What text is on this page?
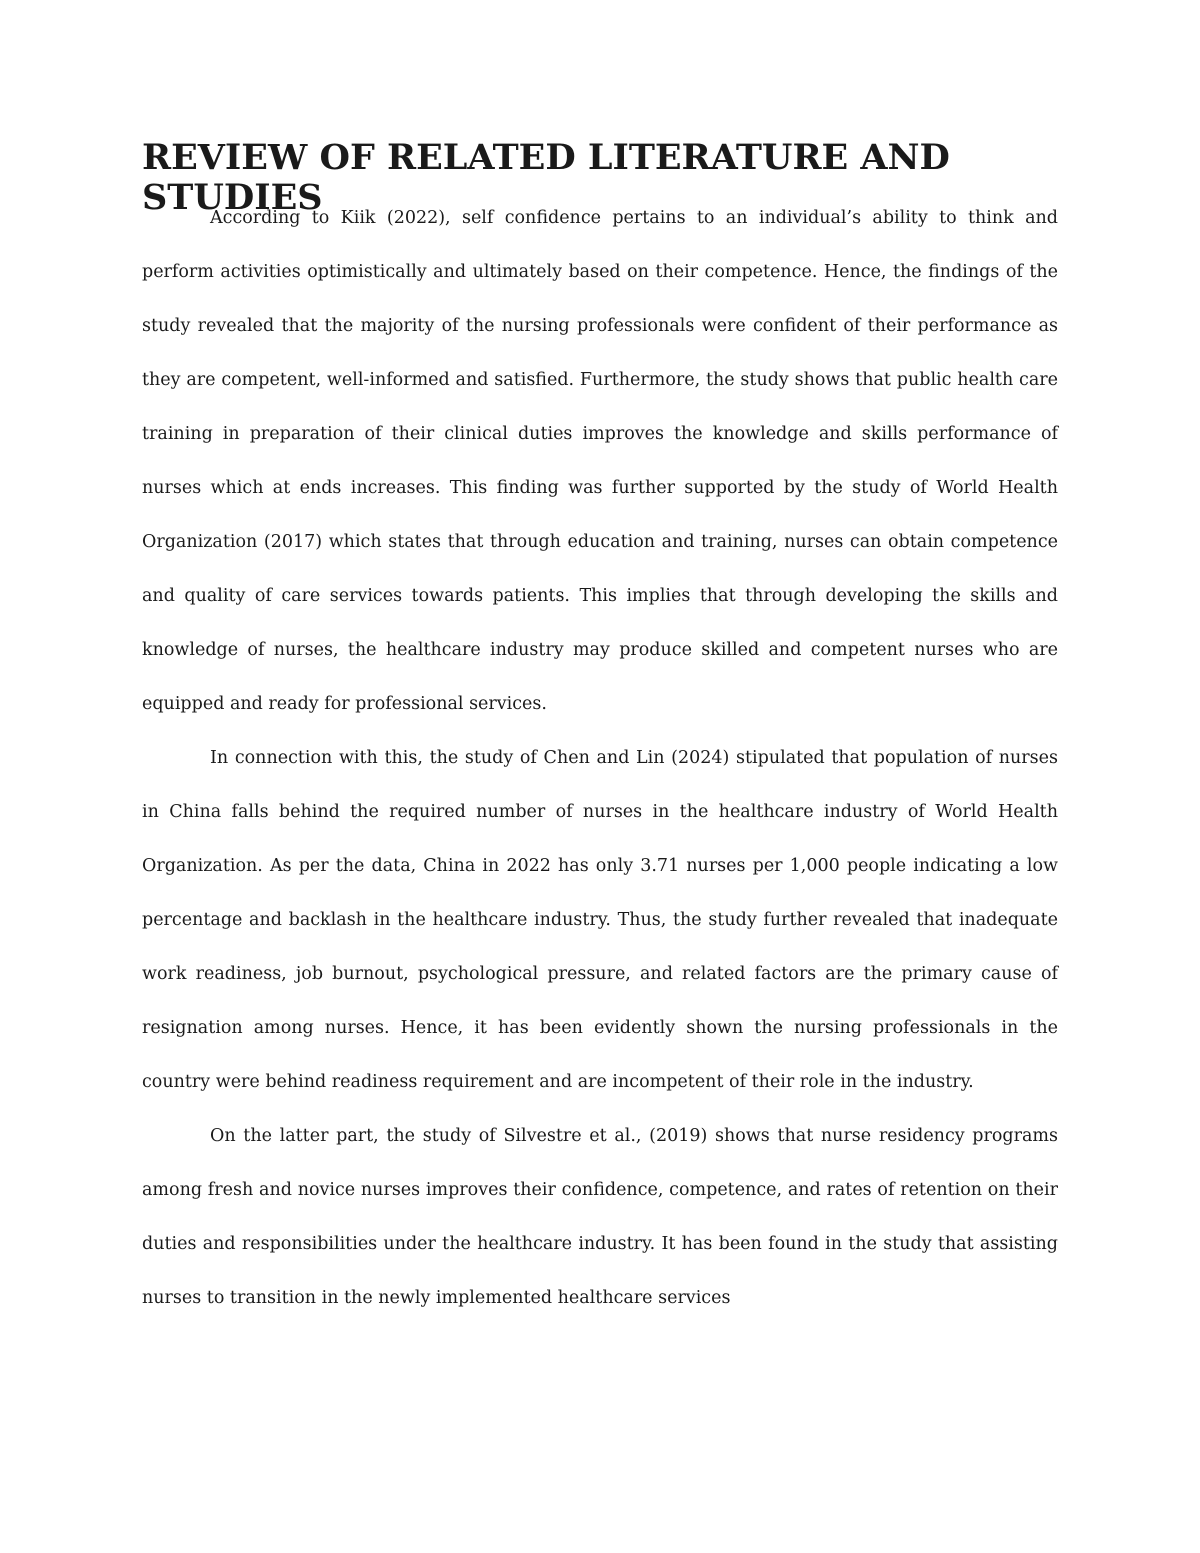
REVIEW OF RELATED LITERATURE AND STUDIES

According to Kiik (2022), self confidence pertains to an individual’s ability to think and perform activities optimistically and ultimately based on their competence. Hence, the findings of the study revealed that the majority of the nursing professionals were confident of their performance as they are competent, well-informed and satisfied. Furthermore, the study shows that public health care training in preparation of their clinical duties improves the knowledge and skills performance of nurses which at ends increases. This finding was further supported by the study of World Health Organization (2017) which states that through education and training, nurses can obtain competence and quality of care services towards patients. This implies that through developing the skills and knowledge of nurses, the healthcare industry may produce skilled and competent nurses who are equipped and ready for professional services.

In connection with this, the study of Chen and Lin (2024) stipulated that population of nurses in China falls behind the required number of nurses in the healthcare industry of World Health Organization. As per the data, China in 2022 has only 3.71 nurses per 1,000 people indicating a low percentage and backlash in the healthcare industry. Thus, the study further revealed that inadequate work readiness, job burnout, psychological pressure, and related factors are the primary cause of resignation among nurses. Hence, it has been evidently shown the nursing professionals in the country were behind readiness requirement and are incompetent of their role in the industry.

On the latter part, the study of Silvestre et al., (2019) shows that nurse residency programs among fresh and novice nurses improves their confidence, competence, and rates of retention on their duties and responsibilities under the healthcare industry. It has been found in the study that assisting nurses to transition in the newly implemented healthcare services
